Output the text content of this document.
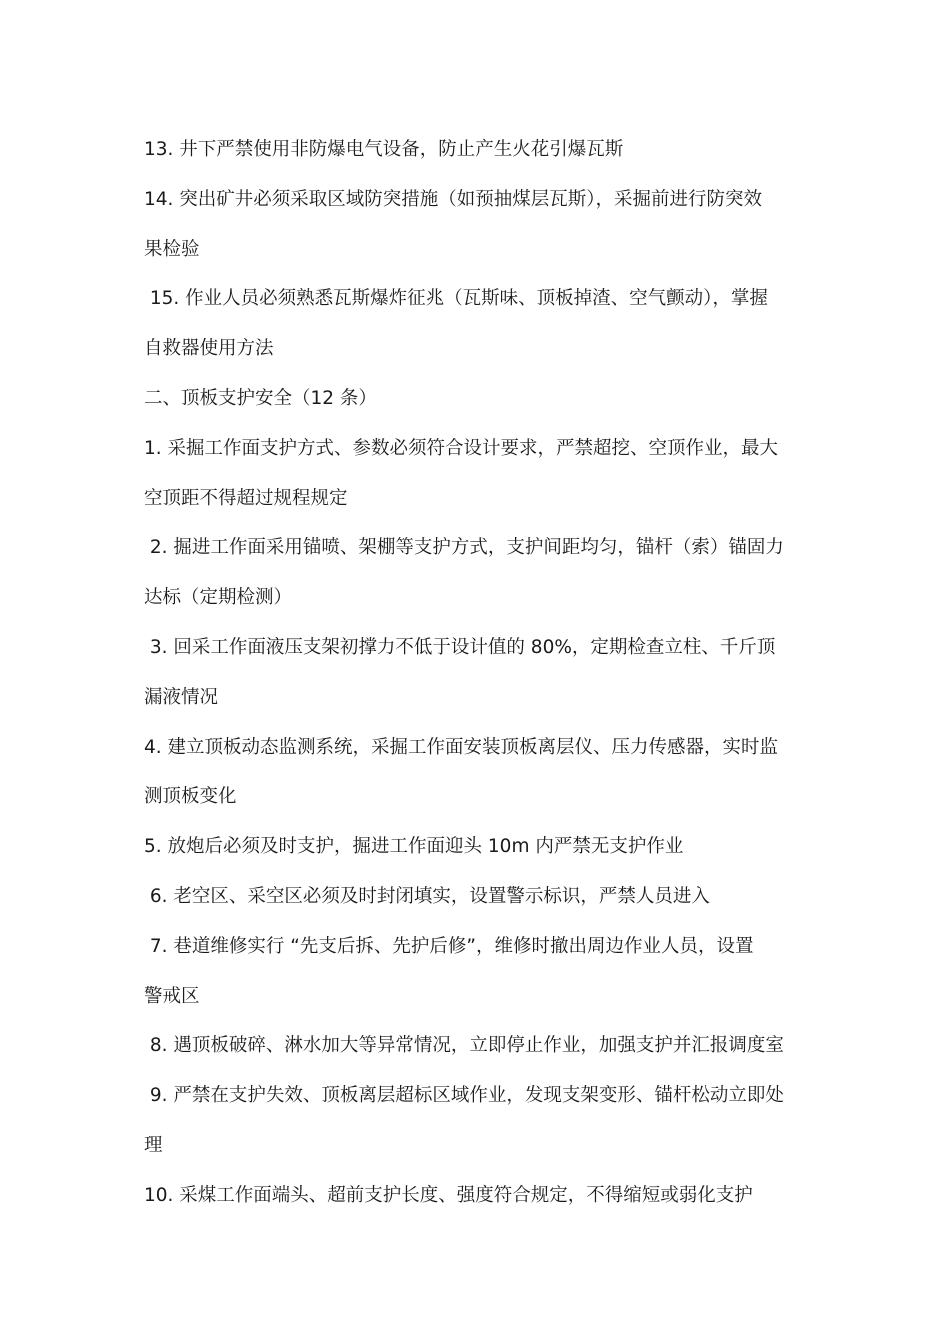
13. 井下严禁使用非防爆电气设备，防止产生火花引爆瓦斯
14. 突出矿井必须采取区域防突措施（如预抽煤层瓦斯），采掘前进行防突效
果检验
15. 作业人员必须熟悉瓦斯爆炸征兆（瓦斯味、顶板掉渣、空气颤动），掌握
自救器使用方法
二、顶板支护安全（12 条）
1. 采掘工作面支护方式、参数必须符合设计要求，严禁超挖、空顶作业，最大
空顶距不得超过规程规定
2. 掘进工作面采用锚喷、架棚等支护方式，支护间距均匀，锚杆（索）锚固力
达标（定期检测）
3. 回采工作面液压支架初撑力不低于设计值的 80%，定期检查立柱、千斤顶
漏液情况
4. 建立顶板动态监测系统，采掘工作面安装顶板离层仪、压力传感器，实时监
测顶板变化
5. 放炮后必须及时支护，掘进工作面迎头 10m 内严禁无支护作业
6. 老空区、采空区必须及时封闭填实，设置警示标识，严禁人员进入
7. 巷道维修实行 “先支后拆、先护后修”，维修时撤出周边作业人员，设置
警戒区
8. 遇顶板破碎、淋水加大等异常情况，立即停止作业，加强支护并汇报调度室
9. 严禁在支护失效、顶板离层超标区域作业，发现支架变形、锚杆松动立即处
理
10. 采煤工作面端头、超前支护长度、强度符合规定，不得缩短或弱化支护
